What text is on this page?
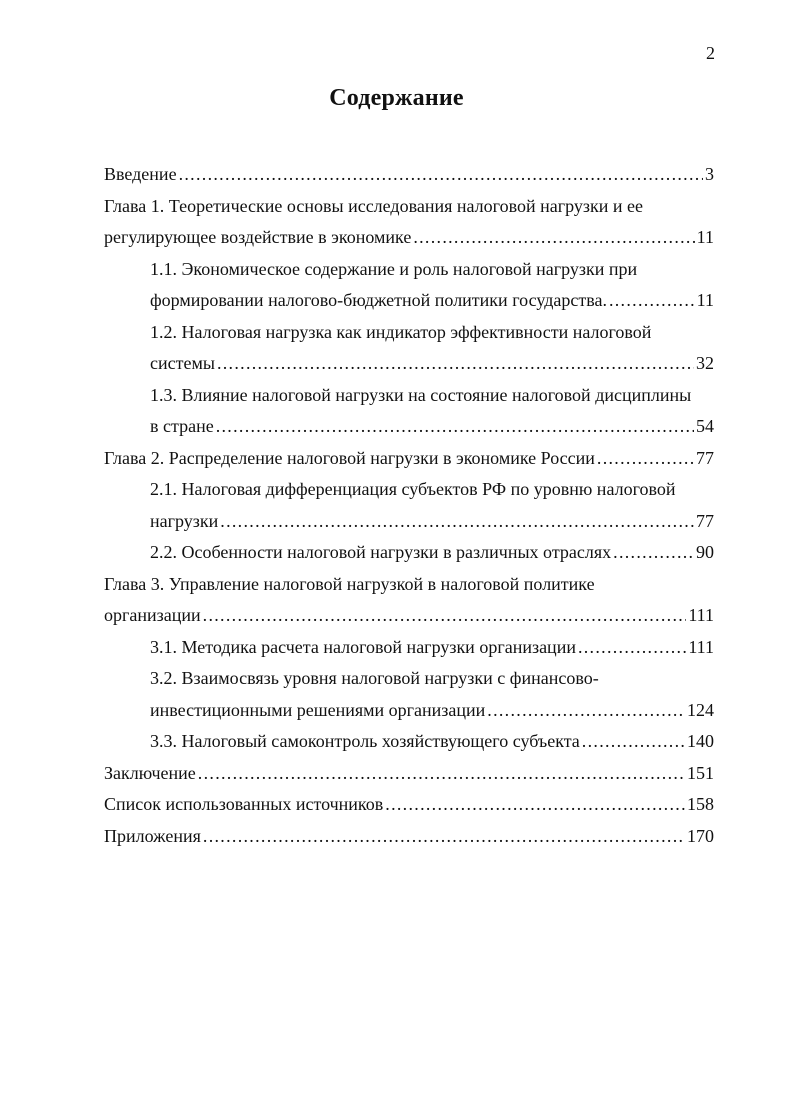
2
Содержание
Введение . . .	3
Глава 1. Теоретические основы исследования налоговой нагрузки и ее
регулирующее воздействие в экономике . . .	11
1.1. Экономическое содержание и роль налоговой нагрузки при
формировании налогово-бюджетной политики государства. . . .	11
1.2. Налоговая нагрузка как индикатор эффективности налоговой
системы . . .	32
1.3. Влияние налоговой нагрузки на состояние налоговой дисциплины
в стране . . .	54
Глава 2. Распределение налоговой нагрузки в экономике России . . .	77
2.1. Налоговая дифференциация субъектов РФ по уровню налоговой
нагрузки . . .	77
2.2. Особенности налоговой нагрузки в различных отраслях . . .	90
Глава 3. Управление налоговой нагрузкой в налоговой политике
организации . . .	111
3.1. Методика расчета налоговой нагрузки организации . . .	111
3.2. Взаимосвязь уровня налоговой нагрузки с финансово-
инвестиционными решениями организации . . .	124
3.3. Налоговый самоконтроль хозяйствующего субъекта . . .	140
Заключение . . .	151
Список использованных источников . . .	158
Приложения . . .	170
